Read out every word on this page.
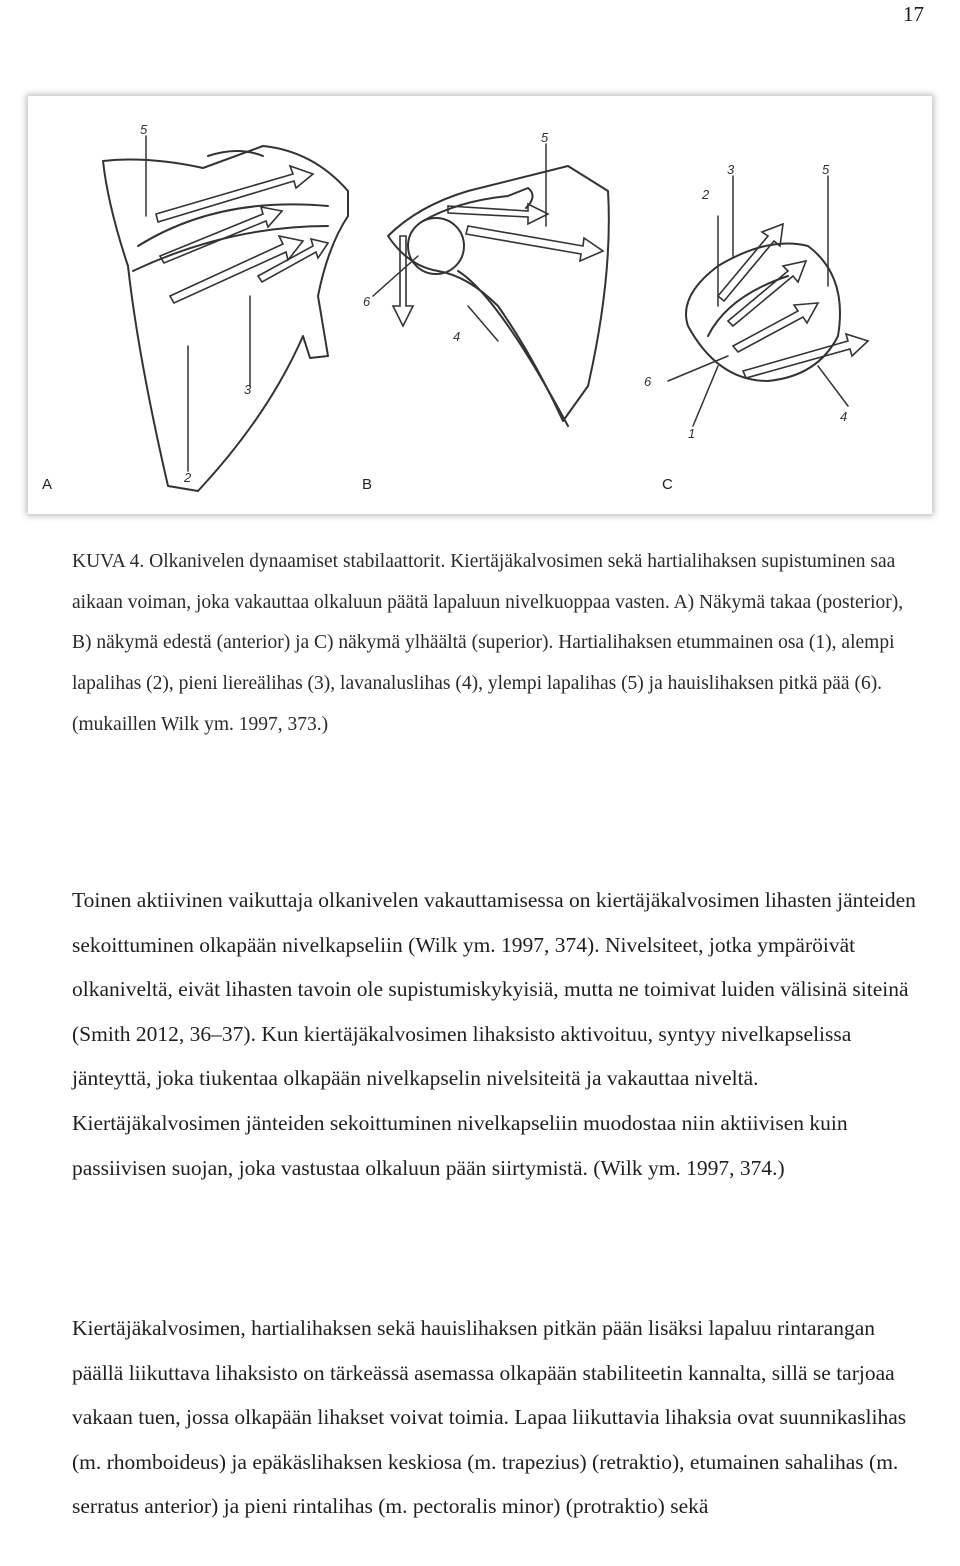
17
5
3
2
5
6
4
2
3	5
6
1
4
A	B	C

KUVA 4. Olkanivelen dynaamiset stabilaattorit. Kiertäjäkalvosimen sekä hartialihaksen supistuminen saa aikaan voiman, joka vakauttaa olkaluun päätä lapaluun nivelkuoppaa vasten. A) Näkymä takaa (posterior), B) näkymä edestä (anterior) ja C) näkymä ylhäältä (superior). Hartialihaksen etummainen osa (1), alempi lapalihas (2), pieni liereälihas (3), lavanaluslihas (4), ylempi lapalihas (5) ja hauislihaksen pitkä pää (6). (mukaillen Wilk ym. 1997, 373.)

Toinen aktiivinen vaikuttaja olkanivelen vakauttamisessa on kiertäjäkalvosimen lihasten jänteiden sekoittuminen olkapään nivelkapseliin (Wilk ym. 1997, 374). Nivelsiteet, jotka ympäröivät olkaniveltä, eivät lihasten tavoin ole supistumiskykyisiä, mutta ne toimivat luiden välisinä siteinä (Smith 2012, 36–37). Kun kiertäjäkalvosimen lihaksisto aktivoituu, syntyy nivelkapselissa jänteyttä, joka tiukentaa olkapään nivelkapselin nivelsiteitä ja vakauttaa niveltä. Kiertäjäkalvosimen jänteiden sekoittuminen nivelkapseliin muodostaa niin aktiivisen kuin passiivisen suojan, joka vastustaa olkaluun pään siirtymistä. (Wilk ym. 1997, 374.)

Kiertäjäkalvosimen, hartialihaksen sekä hauislihaksen pitkän pään lisäksi lapaluu rintarangan päällä liikuttava lihaksisto on tärkeässä asemassa olkapään stabiliteetin kannalta, sillä se tarjoaa vakaan tuen, jossa olkapään lihakset voivat toimia. Lapaa liikuttavia lihaksia ovat suunnikaslihas (m. rhomboideus) ja epäkäslihaksen keskiosa (m. trapezius) (retraktio), etumainen sahalihas (m. serratus anterior) ja pieni rintalihas (m. pectoralis minor) (protraktio) sekä
